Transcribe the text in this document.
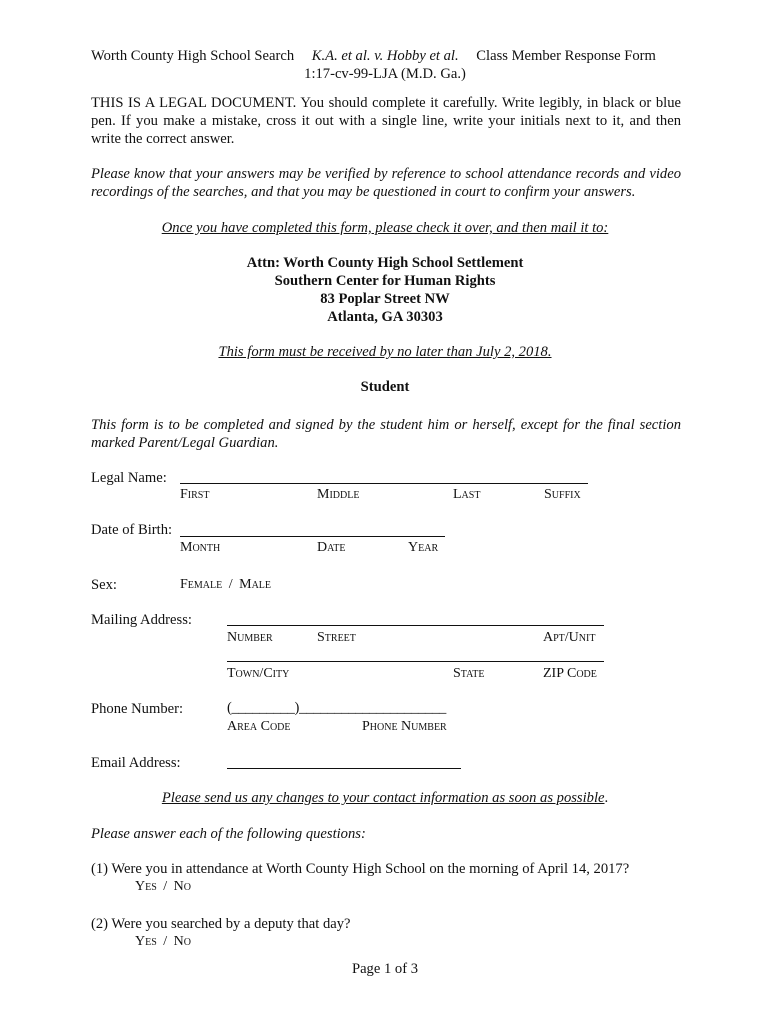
Worth County High School Search K.A. et al. v. Hobby et al. Class Member Response Form
1:17-cv-99-LJA (M.D. Ga.)
THIS IS A LEGAL DOCUMENT. You should complete it carefully. Write legibly, in black or blue pen. If you make a mistake, cross it out with a single line, write your initials next to it, and then write the correct answer.
Please know that your answers may be verified by reference to school attendance records and video recordings of the searches, and that you may be questioned in court to confirm your answers.
Once you have completed this form, please check it over, and then mail it to:
Attn: Worth County High School Settlement
Southern Center for Human Rights
83 Poplar Street NW
Atlanta, GA 30303
This form must be received by no later than July 2, 2018.
Student
This form is to be completed and signed by the student him or herself, except for the final section marked Parent/Legal Guardian.
Legal Name:
First	Middle	Last	Suffix
Date of Birth:
Month	Date	Year
Sex:	Female / Male
Mailing Address:
Number	Street	Apt/Unit
Town/City	State	ZIP Code
Phone Number:	(_________)_____________________
Area Code	Phone Number
Email Address:
Please send us any changes to your contact information as soon as possible.
Please answer each of the following questions:
(1) Were you in attendance at Worth County High School on the morning of April 14, 2017?
Yes / No
(2) Were you searched by a deputy that day?
Yes / No
Page 1 of 3
